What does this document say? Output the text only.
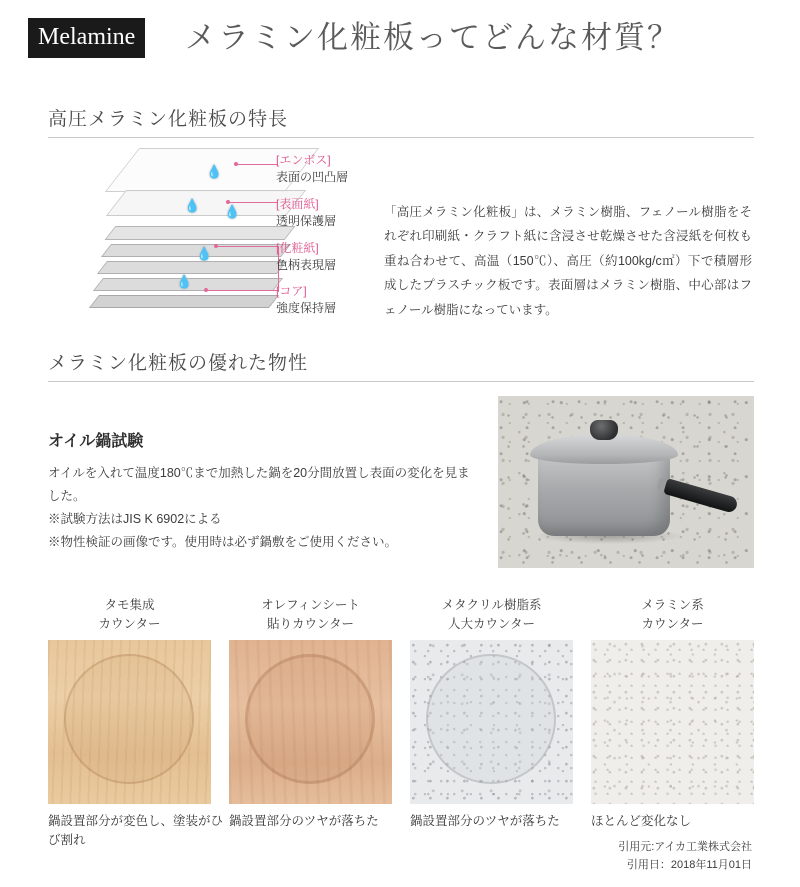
Melamine	メラミン化粧板ってどんな材質？
高圧メラミン化粧板の特長
💧
💧 💧
💧
💧
[エンボス]
表面の凹凸層
[表面紙]
透明保護層
[化粧紙]
色柄表現層
[コア]
強度保持層
「高圧メラミン化粧板」は、メラミン樹脂、フェノール樹脂をそれぞれ印刷紙・クラフト紙に含浸させ乾燥させた含浸紙を何枚も重ね合わせて、高温（150℃）、高圧（約100kg/c㎡）下で積層形成したプラスチック板です。表面層はメラミン樹脂、中心部はフェノール樹脂になっています。
メラミン化粧板の優れた物性
オイル鍋試験

オイルを入れて温度180℃まで加熱した鍋を20分間放置し表面の変化を見ました。

※試験方法はJIS K 6902による

※物性検証の画像です。使用時は必ず鍋敷をご使用ください。

タモ集成
カウンター
鍋設置部分が変色し、塗装がひび割れ
オレフィンシート
貼りカウンター
鍋設置部分のツヤが落ちた
メタクリル樹脂系
人大カウンター
鍋設置部分のツヤが落ちた
メラミン系
カウンター
ほとんど変化なし
引用元:アイカ工業株式会社
引用日：2018年11月01日
